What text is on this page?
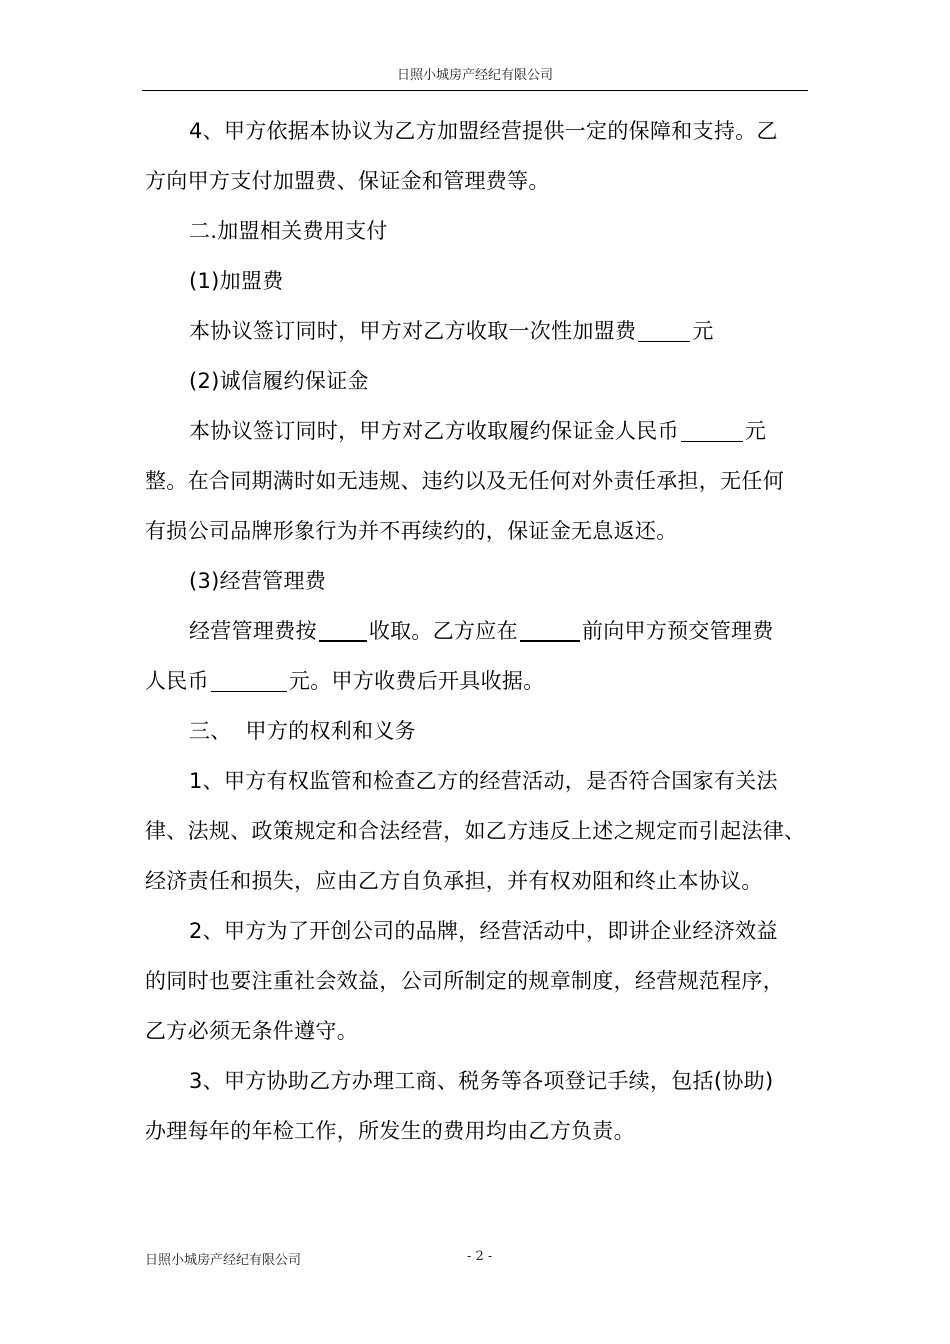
日照小城房产经纪有限公司
4、甲方依据本协议为乙方加盟经营提供一定的保障和支持。乙
方向甲方支付加盟费、保证金和管理费等。
二.加盟相关费用支付
(1)加盟费
本协议签订同时，甲方对乙方收取一次性加盟费	元
(2)诚信履约保证金
本协议签订同时，甲方对乙方收取履约保证金人民币	元
整。在合同期满时如无违规、违约以及无任何对外责任承担，无任何
有损公司品牌形象行为并不再续约的，保证金无息返还。
(3)经营管理费
经营管理费按 收取。乙方应在	前向甲方预交管理费
人民币	元。甲方收费后开具收据。
三、  甲方的权利和义务
1、甲方有权监管和检查乙方的经营活动，是否符合国家有关法
律、法规、政策规定和合法经营，如乙方违反上述之规定而引起法律、
经济责任和损失，应由乙方自负承担，并有权劝阻和终止本协议。
2、甲方为了开创公司的品牌，经营活动中，即讲企业经济效益
的同时也要注重社会效益，公司所制定的规章制度，经营规范程序，
乙方必须无条件遵守。
3、甲方协助乙方办理工商、税务等各项登记手续，包括(协助)
办理每年的年检工作，所发生的费用均由乙方负责。
日照小城房产经纪有限公司	- 2 -
